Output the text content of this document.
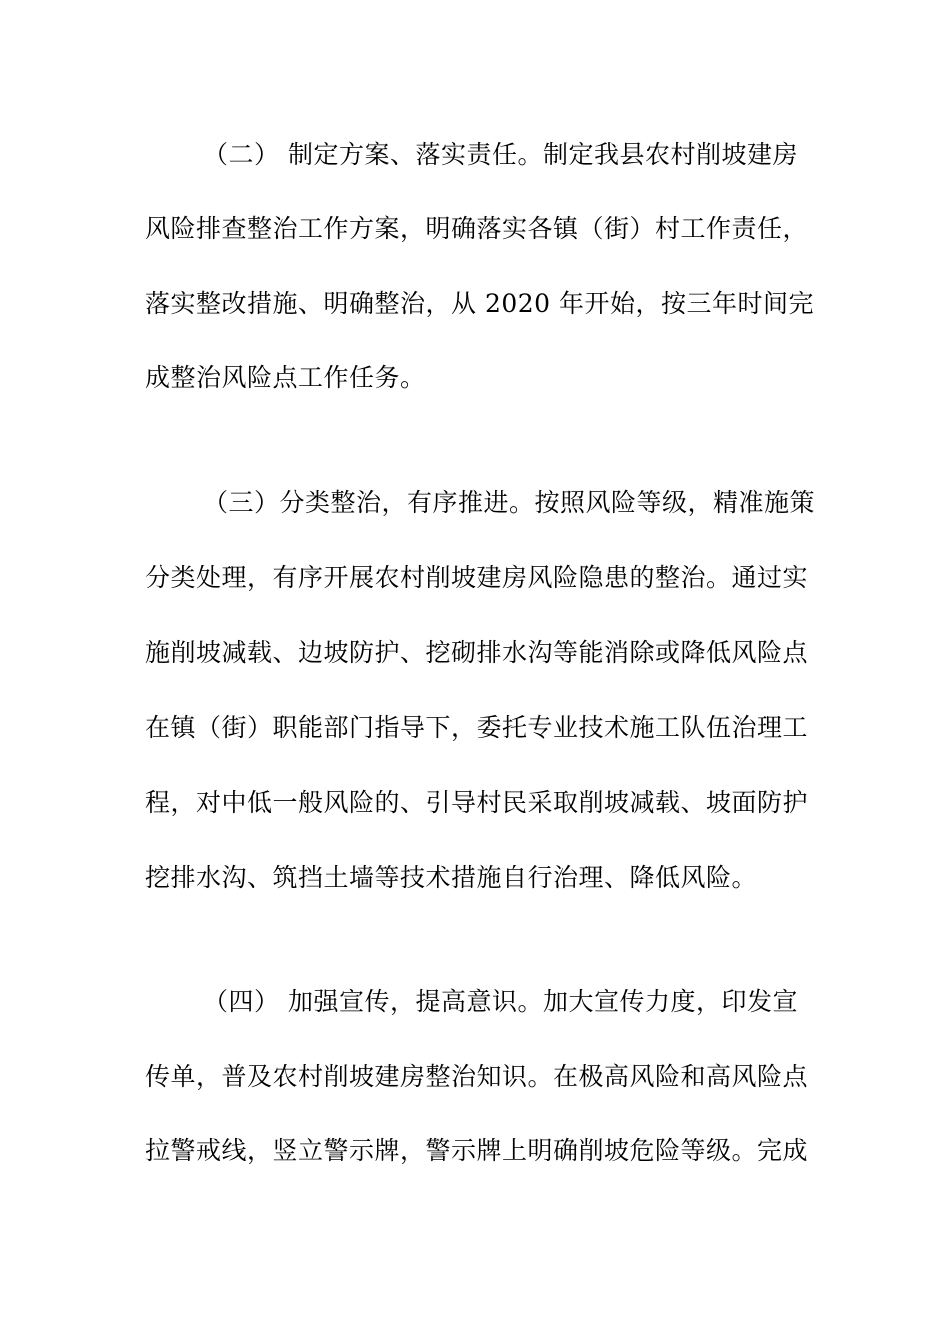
（二） 制定方案、落实责任。制定我县农村削坡建房
风险排查整治工作方案，明确落实各镇（街）村工作责任，
落实整改措施、明确整治，从 2020 年开始，按三年时间完
成整治风险点工作任务。
（三）分类整治，有序推进。按照风险等级，精准施策
分类处理，有序开展农村削坡建房风险隐患的整治。通过实
施削坡减载、边坡防护、挖砌排水沟等能消除或降低风险点
在镇（街）职能部门指导下，委托专业技术施工队伍治理工
程，对中低一般风险的、引导村民采取削坡减载、坡面防护
挖排水沟、筑挡土墙等技术措施自行治理、降低风险。
（四） 加强宣传，提高意识。加大宣传力度，印发宣
传单，普及农村削坡建房整治知识。在极高风险和高风险点
拉警戒线，竖立警示牌，警示牌上明确削坡危险等级。完成
